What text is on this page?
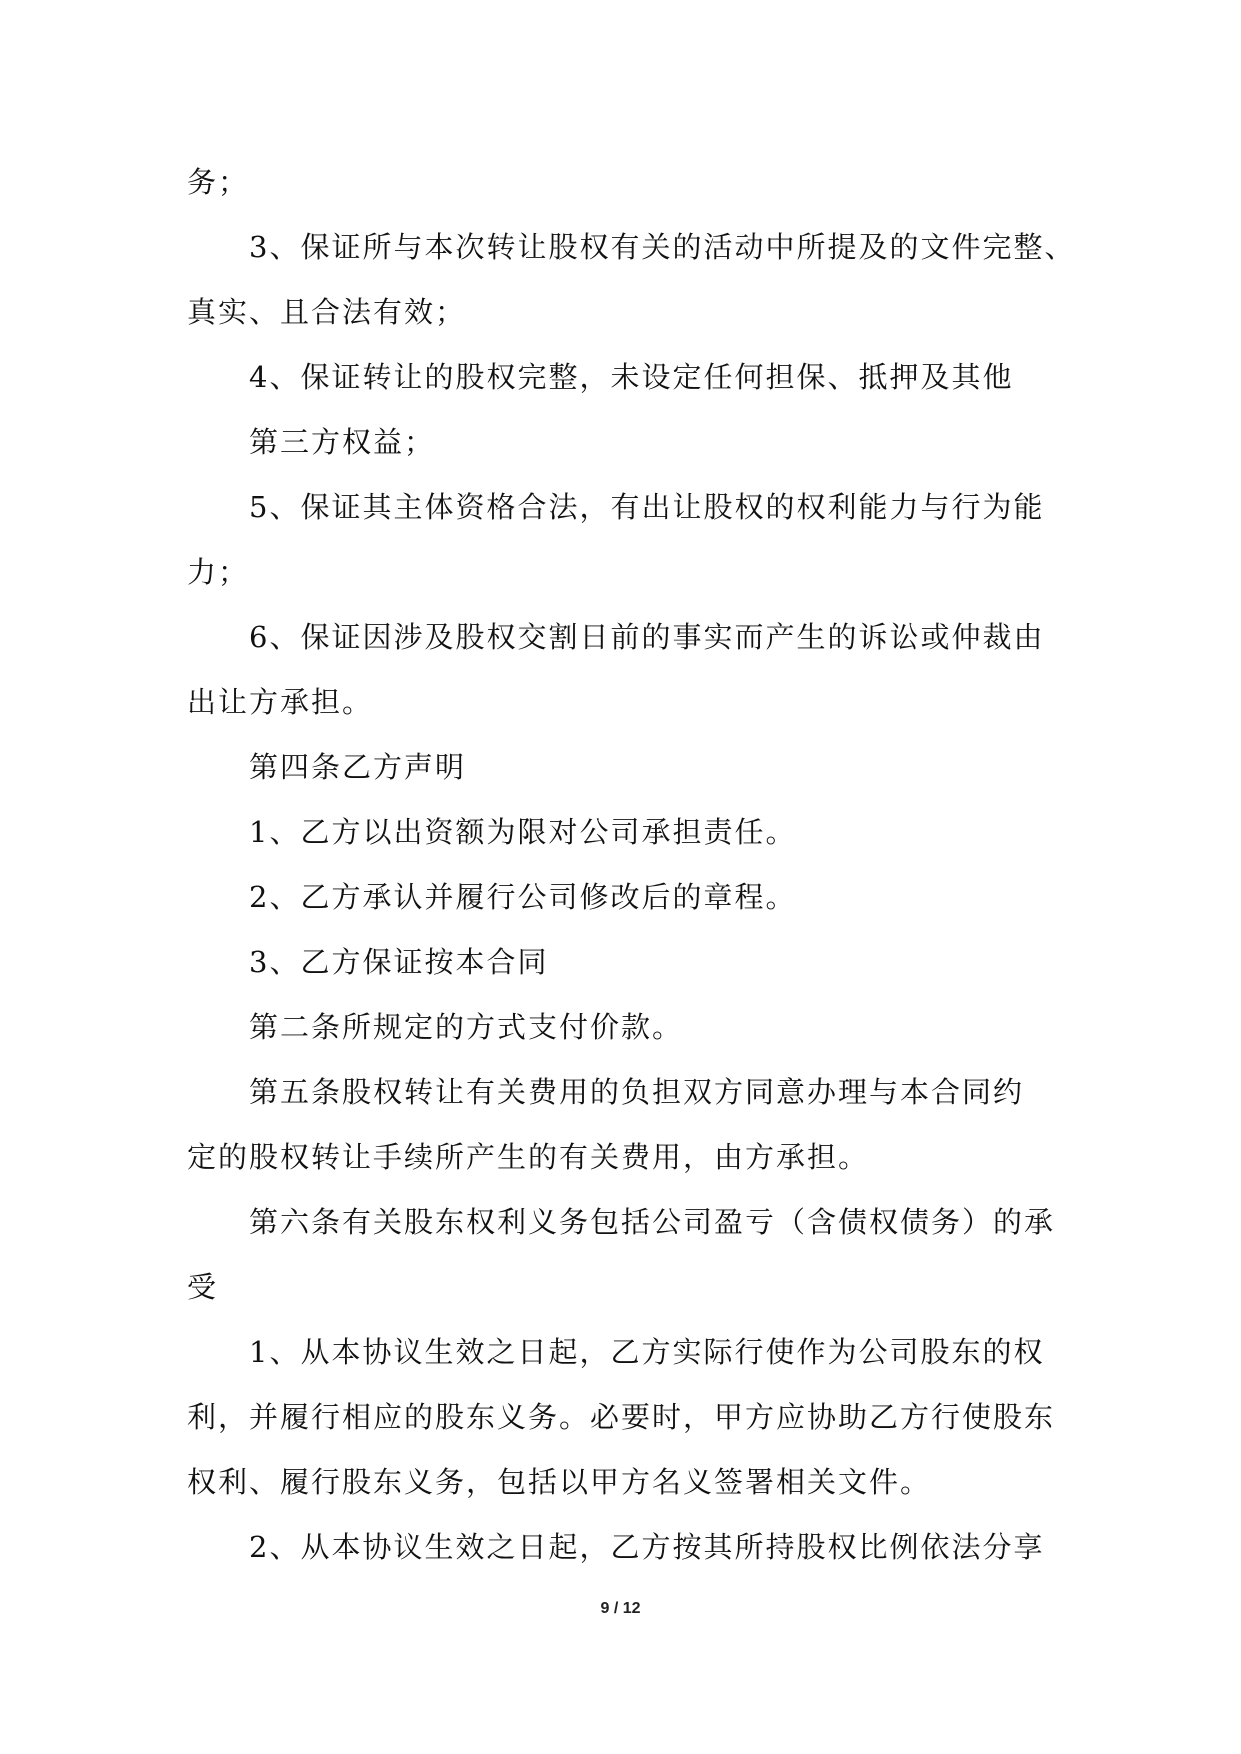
务；
3、保证所与本次转让股权有关的活动中所提及的文件完整、
真实、且合法有效；
4、保证转让的股权完整，未设定任何担保、抵押及其他
第三方权益；
5、保证其主体资格合法，有出让股权的权利能力与行为能
力；
6、保证因涉及股权交割日前的事实而产生的诉讼或仲裁由
出让方承担。
第四条乙方声明
1、乙方以出资额为限对公司承担责任。
2、乙方承认并履行公司修改后的章程。
3、乙方保证按本合同
第二条所规定的方式支付价款。
第五条股权转让有关费用的负担双方同意办理与本合同约
定的股权转让手续所产生的有关费用，由方承担。
第六条有关股东权利义务包括公司盈亏（含债权债务）的承
受
1、从本协议生效之日起，乙方实际行使作为公司股东的权
利，并履行相应的股东义务。必要时，甲方应协助乙方行使股东
权利、履行股东义务，包括以甲方名义签署相关文件。
2、从本协议生效之日起，乙方按其所持股权比例依法分享
9 / 12
